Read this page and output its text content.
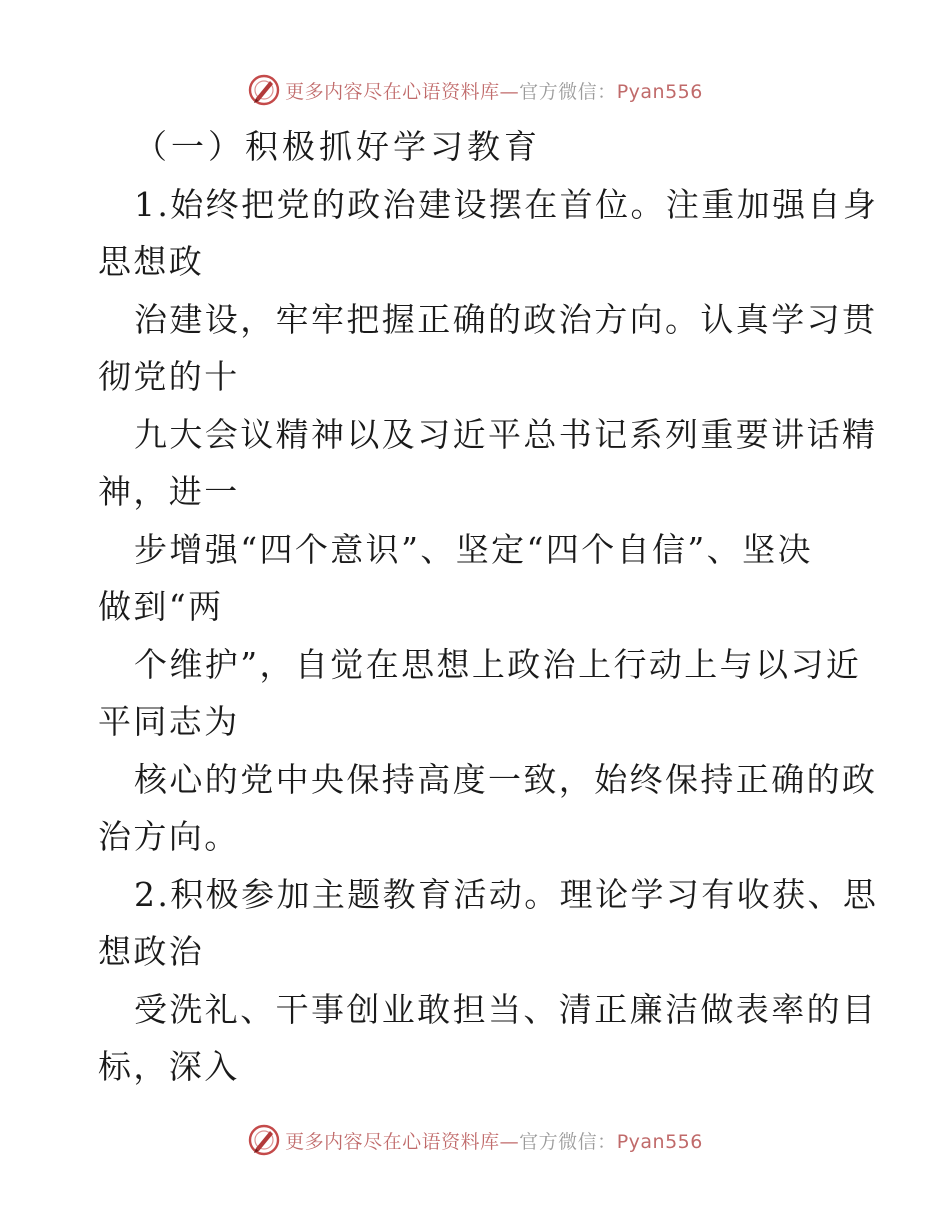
更多内容尽在心语资料库—官方微信：Pyan556
（一）积极抓好学习教育
1.始终把党的政治建设摆在首位。注重加强自身
思想政
治建设，牢牢把握正确的政治方向。认真学习贯
彻党的十
九大会议精神以及习近平总书记系列重要讲话精
神，进一
步增强“四个意识”、坚定“四个自信”、坚决
做到“两
个维护”，自觉在思想上政治上行动上与以习近
平同志为
核心的党中央保持高度一致，始终保持正确的政
治方向。
2.积极参加主题教育活动。理论学习有收获、思
想政治
受洗礼、干事创业敢担当、清正廉洁做表率的目
标，深入
更多内容尽在心语资料库—官方微信：Pyan556
